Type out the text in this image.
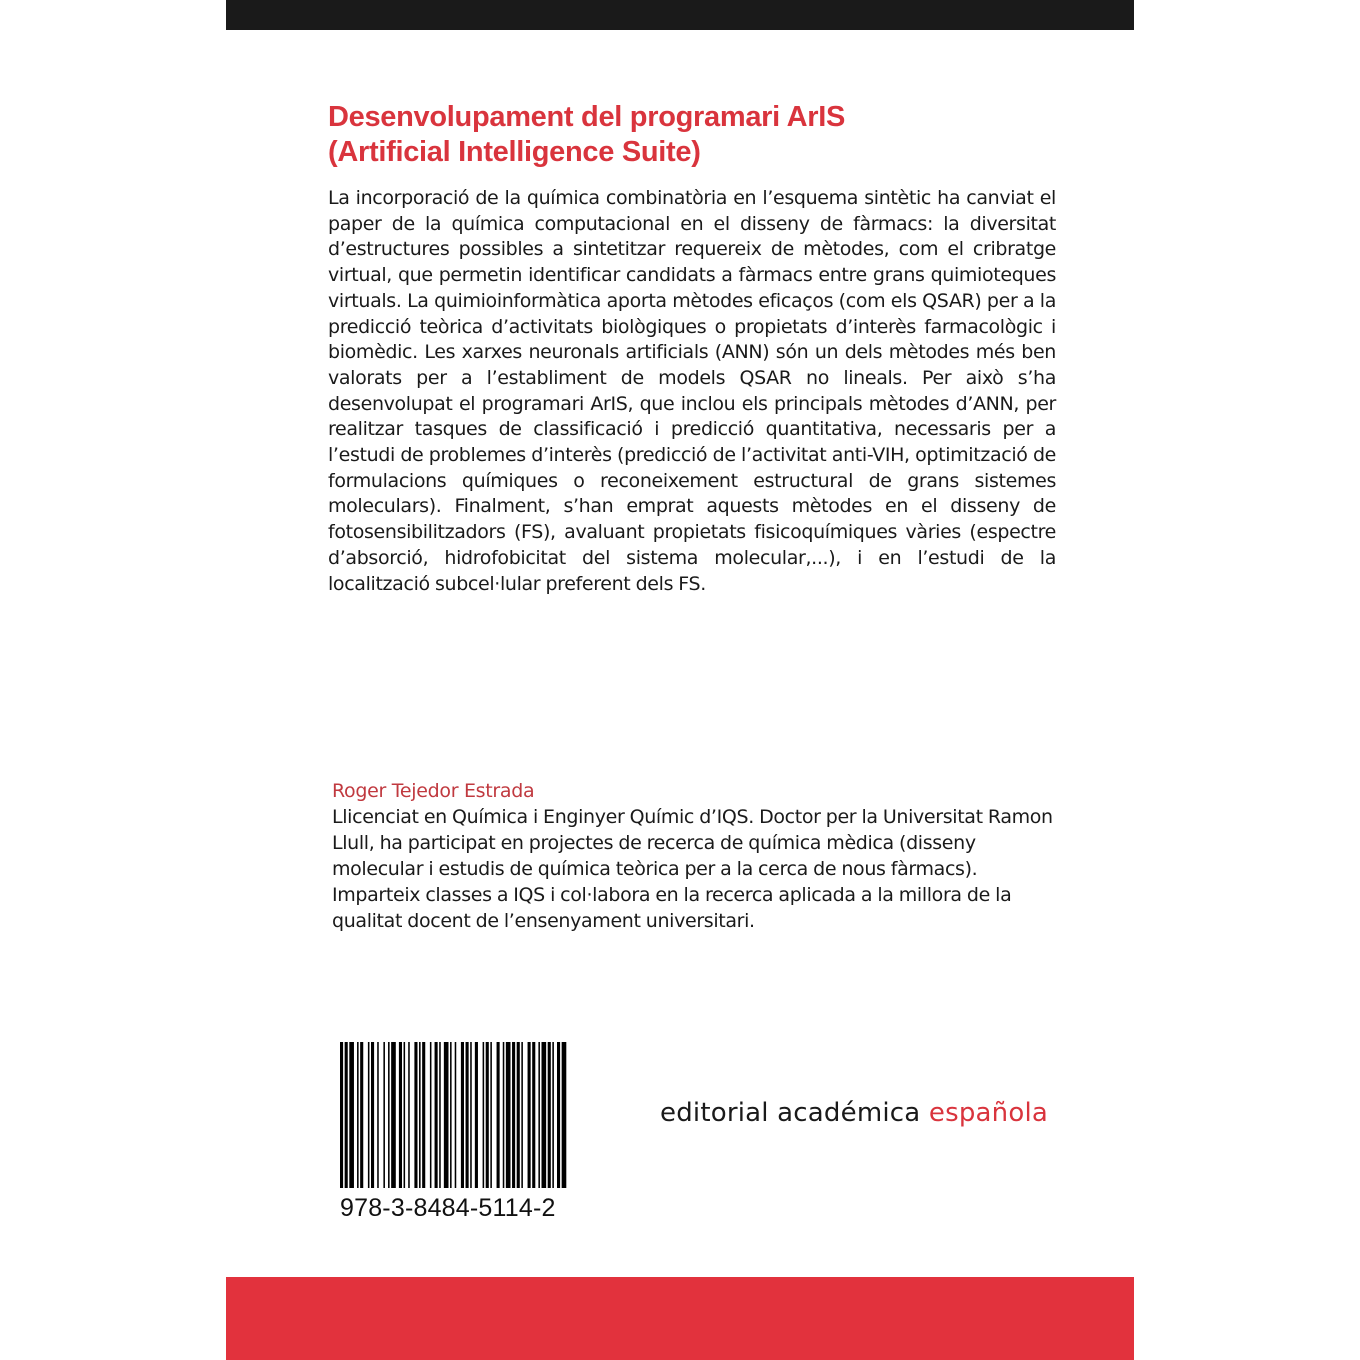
Desenvolupament del programari ArIS
(Artificial Intelligence Suite)

La incorporació de la química combinatòria en l’esquema sintètic ha canviat el paper de la química computacional en el disseny de fàrmacs: la diversitat d’estructures possibles a sintetitzar requereix de mètodes, com el cribratge virtual, que permetin identificar candidats a fàrmacs entre grans quimioteques virtuals. La quimioinformàtica aporta mètodes eficaços (com els QSAR) per a la predicció teòrica d’activitats biològiques o propietats d’interès farmacològic i biomèdic. Les xarxes neuronals artificials (ANN) són un dels mètodes més ben valorats per a l’establiment de models QSAR no lineals. Per això s’ha desenvolupat el programari ArIS, que inclou els principals mètodes d’ANN, per realitzar tasques de classificació i predicció quantitativa, necessaris per a l’estudi de problemes d’interès (predicció de l’activitat anti-VIH, optimització de formulacions químiques o reconeixement estructural de grans sistemes moleculars). Finalment, s’han emprat aquests mètodes en el disseny de fotosensibilitzadors (FS), avaluant propietats fisicoquímiques vàries (espectre d’absorció, hidrofobicitat del sistema molecular,...), i en l’estudi de la localització subcel·lular preferent dels FS.

Roger Tejedor Estrada

Llicenciat en Química i Enginyer Químic d’IQS. Doctor per la Universitat Ramon Llull, ha participat en projectes de recerca de química mèdica (disseny molecular i estudis de química teòrica per a la cerca de nous fàrmacs). Imparteix classes a IQS i col·labora en la recerca aplicada a la millora de la qualitat docent de l’ensenyament universitari.

978-3-8484-5114-2

editorial académica española
